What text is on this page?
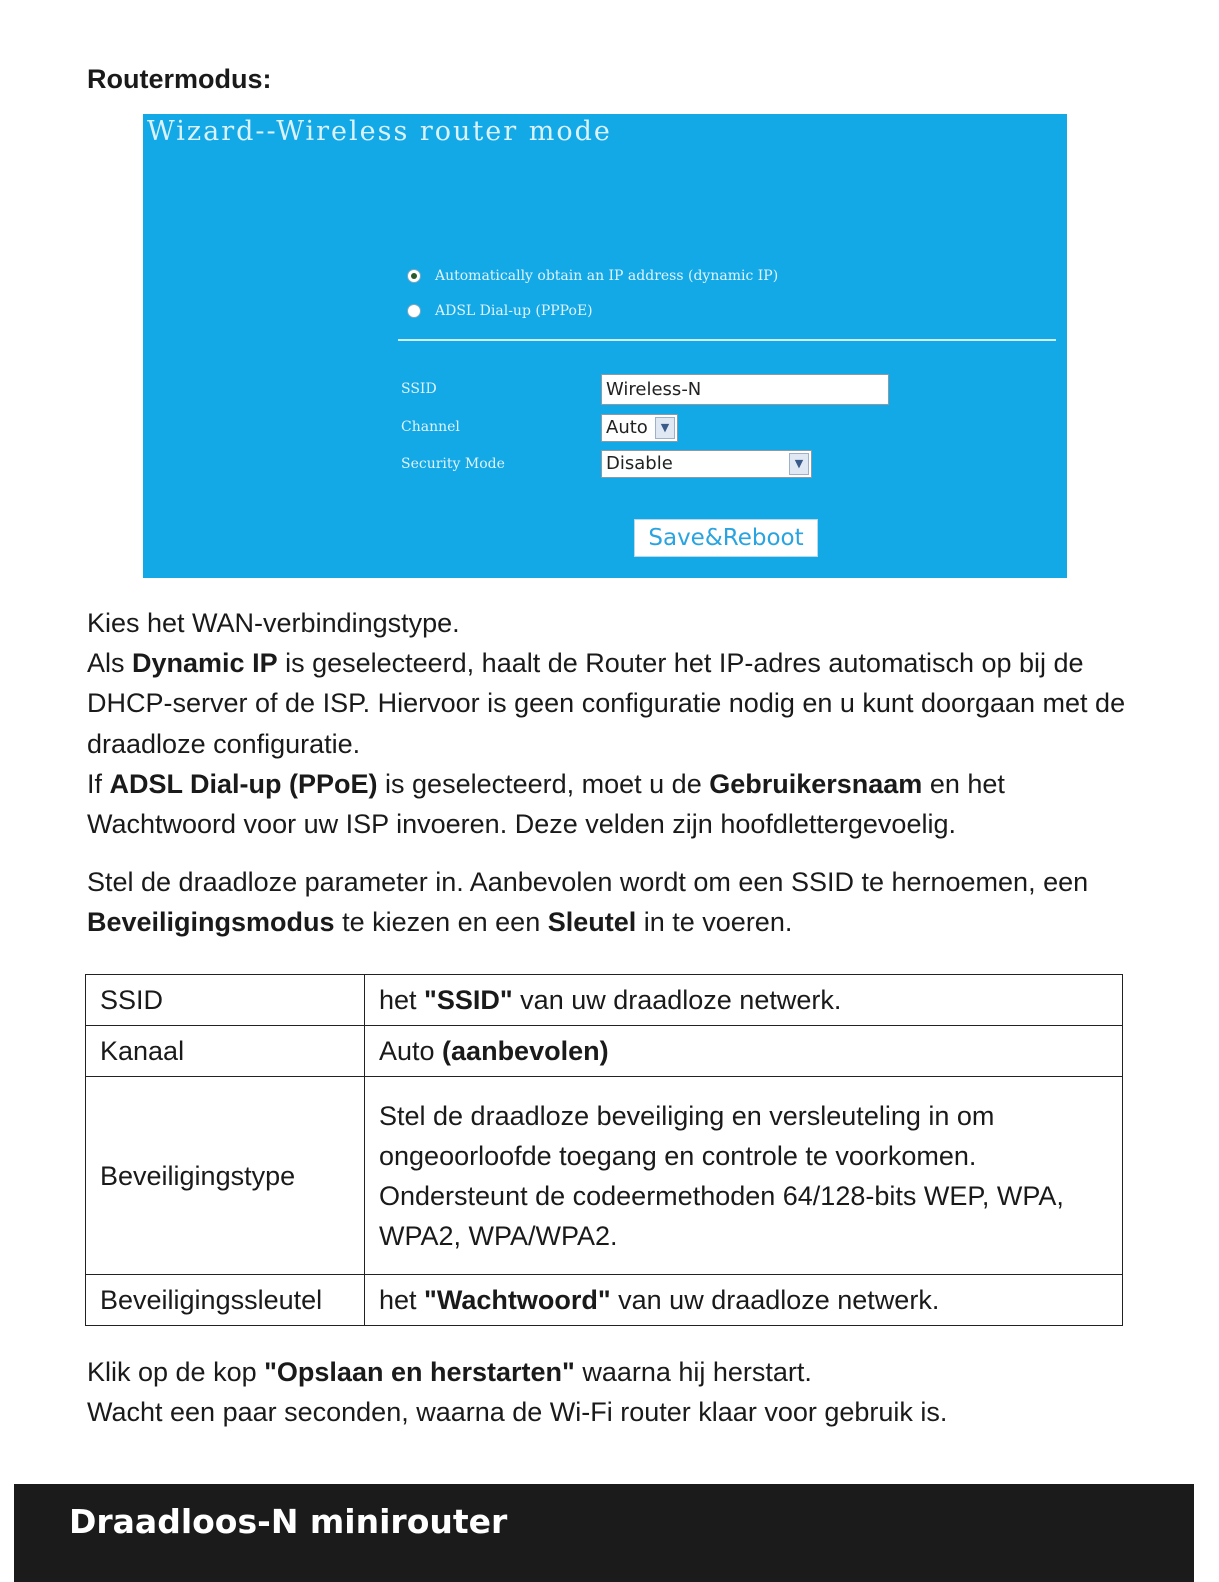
Routermodus:
Wizard--Wireless router mode
Automatically obtain an IP address (dynamic IP)
ADSL Dial-up (PPPoE)
SSID	Wireless-N
Channel	Auto	▼
Security Mode	Disable	▼
Save&Reboot
Kies het WAN-verbindingstype.
Als Dynamic IP is geselecteerd, haalt de Router het IP-adres automatisch op bij de DHCP-server of de ISP. Hiervoor is geen configuratie nodig en u kunt doorgaan met de draadloze configuratie.
If ADSL Dial-up (PPoE) is geselecteerd, moet u de Gebruikersnaam en het Wachtwoord voor uw ISP invoeren. Deze velden zijn hoofdlettergevoelig.
Stel de draadloze parameter in. Aanbevolen wordt om een SSID te hernoemen, een Beveiligingsmodus te kiezen en een Sleutel in te voeren.
SSID	het "SSID" van uw draadloze netwerk.
Kanaal	Auto (aanbevolen)
Beveiligingstype	Stel de draadloze beveiliging en versleuteling in om ongeoorloofde toegang en controle te voorkomen. Ondersteunt de codeermethoden 64/128-bits WEP, WPA, WPA2, WPA/WPA2.
Beveiligingssleutel	het "Wachtwoord" van uw draadloze netwerk.
Klik op de kop "Opslaan en herstarten" waarna hij herstart.
Wacht een paar seconden, waarna de Wi-Fi router klaar voor gebruik is.
Draadloos-N minirouter
